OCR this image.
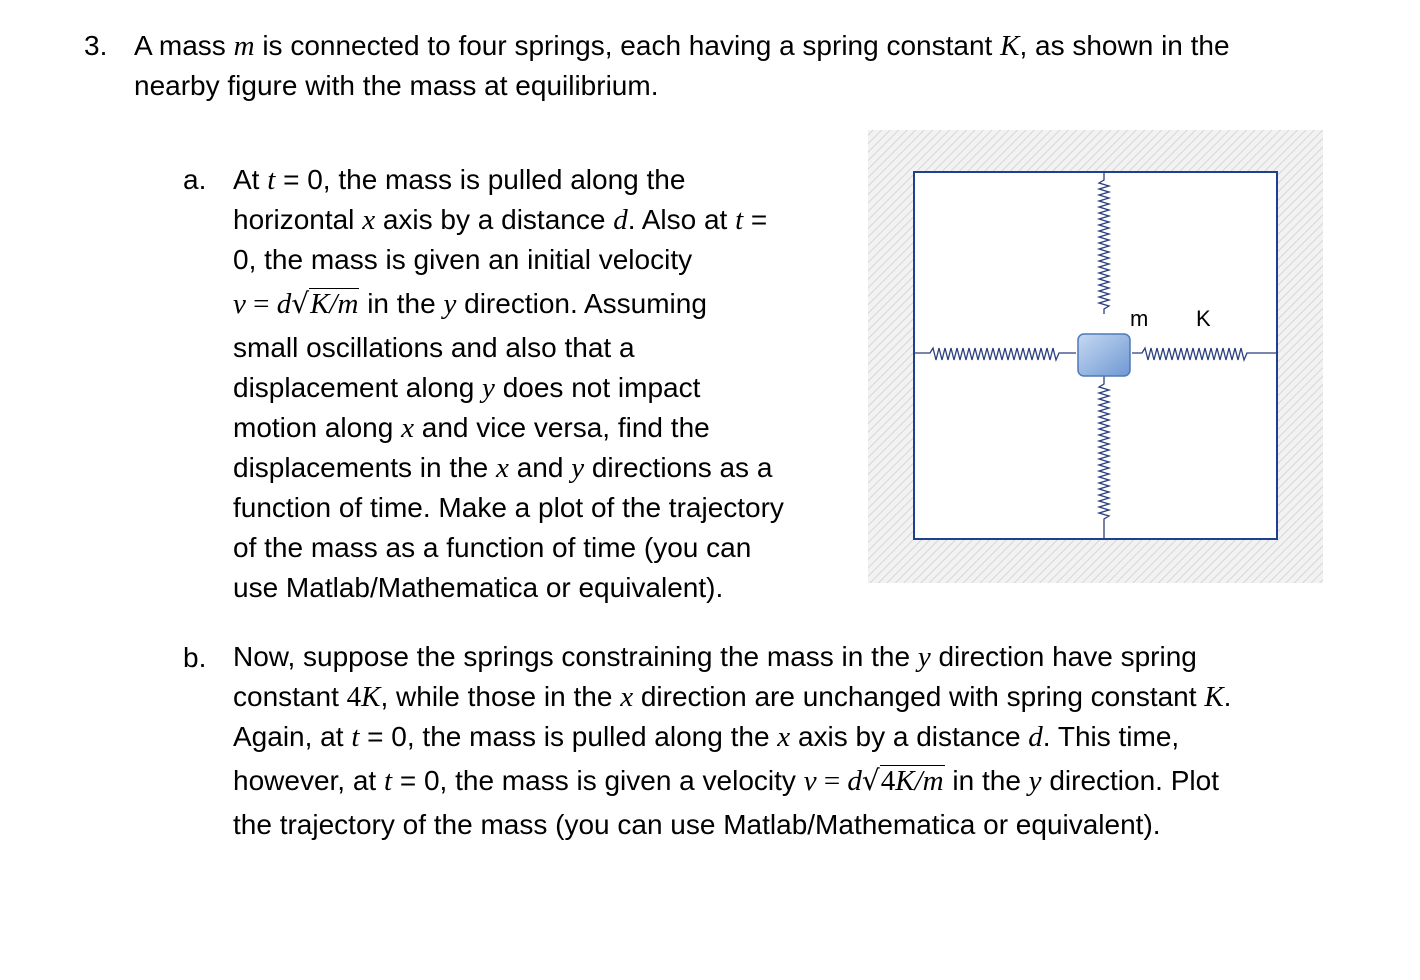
3. A mass m is connected to four springs, each having a spring constant K, as shown in the
nearby figure with the mass at equilibrium.
a. At t = 0, the mass is pulled along the
horizontal x axis by a distance d. Also at t =
0, the mass is given an initial velocity
v = d√K/m in the y direction. Assuming
small oscillations and also that a
displacement along y does not impact
motion along x and vice versa, find the
displacements in the x and y directions as a
function of time. Make a plot of the trajectory
of the mass as a function of time (you can
use Matlab/Mathematica or equivalent).
m K
b. Now, suppose the springs constraining the mass in the y direction have spring
constant 4K, while those in the x direction are unchanged with spring constant K.
Again, at t = 0, the mass is pulled along the x axis by a distance d. This time,
however, at t = 0, the mass is given a velocity v = d√4K/m in the y direction. Plot
the trajectory of the mass (you can use Matlab/Mathematica or equivalent).
